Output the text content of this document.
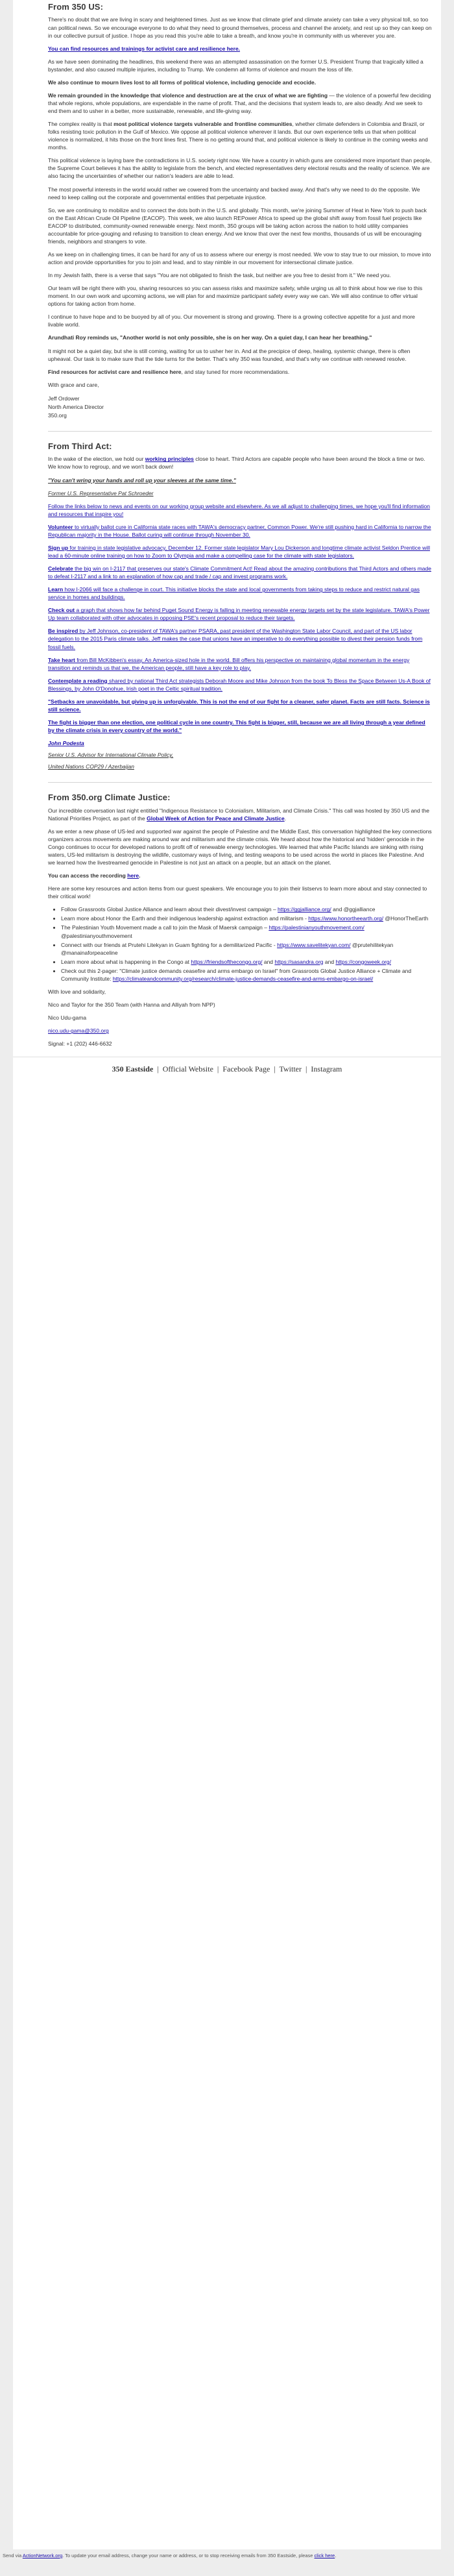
From 350 US:

There's no doubt that we are living in scary and heightened times. Just as we know that climate grief and climate anxiety can take a very physical toll, so too can political news. So we encourage everyone to do what they need to ground themselves, process and channel the anxiety, and rest up so they can keep on in our collective pursuit of justice. I hope as you read this you're able to take a breath, and know you're in community with us wherever you are.

You can find resources and trainings for activist care and resilience here.

As we have seen dominating the headlines, this weekend there was an attempted assassination on the former U.S. President Trump that tragically killed a bystander, and also caused multiple injuries, including to Trump. We condemn all forms of violence and mourn the loss of life.

We also continue to mourn lives lost to all forms of political violence, including genocide and ecocide.

We remain grounded in the knowledge that violence and destruction are at the crux of what we are fighting — the violence of a powerful few deciding that whole regions, whole populations, are expendable in the name of profit. That, and the decisions that system leads to, are also deadly. And we seek to end them and to usher in a better, more sustainable, renewable, and life-giving way.

The complex reality is that most political violence targets vulnerable and frontline communities, whether climate defenders in Colombia and Brazil, or folks resisting toxic pollution in the Gulf of Mexico. We oppose all political violence wherever it lands. But our own experience tells us that when political violence is normalized, it hits those on the front lines first. There is no getting around that, and political violence is likely to continue in the coming weeks and months.

This political violence is laying bare the contradictions in U.S. society right now. We have a country in which guns are considered more important than people, the Supreme Court believes it has the ability to legislate from the bench, and elected representatives deny electoral results and the reality of science. We are also facing the uncertainties of whether our nation's leaders are able to lead.

The most powerful interests in the world would rather we cowered from the uncertainty and backed away. And that's why we need to do the opposite. We need to keep calling out the corporate and governmental entities that perpetuate injustice.

So, we are continuing to mobilize and to connect the dots both in the U.S. and globally. This month, we're joining Summer of Heat in New York to push back on the East African Crude Oil Pipeline (EACOP). This week, we also launch REPower Africa to speed up the global shift away from fossil fuel projects like EACOP to distributed, community-owned renewable energy. Next month, 350 groups will be taking action across the nation to hold utility companies accountable for price-gouging and refusing to transition to clean energy. And we know that over the next few months, thousands of us will be encouraging friends, neighbors and strangers to vote.

As we keep on in challenging times, it can be hard for any of us to assess where our energy is most needed. We vow to stay true to our mission, to move into action and provide opportunities for you to join and lead, and to stay nimble in our movement for intersectional climate justice.

In my Jewish faith, there is a verse that says "You are not obligated to finish the task, but neither are you free to desist from it." We need you.

Our team will be right there with you, sharing resources so you can assess risks and maximize safety, while urging us all to think about how we rise to this moment. In our own work and upcoming actions, we will plan for and maximize participant safety every way we can. We will also continue to offer virtual options for taking action from home.

I continue to have hope and to be buoyed by all of you. Our movement is strong and growing. There is a growing collective appetite for a just and more livable world.

Arundhati Roy reminds us, "Another world is not only possible, she is on her way. On a quiet day, I can hear her breathing."

It might not be a quiet day, but she is still coming, waiting for us to usher her in. And at the precipice of deep, healing, systemic change, there is often upheaval. Our task is to make sure that the tide turns for the better. That's why 350 was founded, and that's why we continue with renewed resolve.

Find resources for activist care and resilience here, and stay tuned for more recommendations.

With grace and care,

Jeff Ordower

North America Director

350.org

From Third Act:

In the wake of the election, we hold our working principles close to heart. Third Actors are capable people who have been around the block a time or two. We know how to regroup, and we won't back down!

"You can't wring your hands and roll up your sleeves at the same time."

Former U.S. Representative Pat Schroeder

Follow the links below to news and events on our working group website and elsewhere. As we all adjust to challenging times, we hope you'll find information and resources that inspire you!

Volunteer to virtually ballot cure in California state races with TAWA's democracy partner, Common Power. We're still pushing hard in California to narrow the Republican majority in the House. Ballot curing will continue through November 30.

Sign up for training in state legislative advocacy, December 12. Former state legislator Mary Lou Dickerson and longtime climate activist Seldon Prentice will lead a 60-minute online training on how to Zoom to Olympia and make a compelling case for the climate with state legislators.

Celebrate the big win on I-2117 that preserves our state's Climate Commitment Act! Read about the amazing contributions that Third Actors and others made to defeat I-2117 and a link to an explanation of how cap and trade / cap and invest programs work.

Learn how I-2066 will face a challenge in court. This initiative blocks the state and local governments from taking steps to reduce and restrict natural gas service in homes and buildings.

Check out a graph that shows how far behind Puget Sound Energy is falling in meeting renewable energy targets set by the state legislature. TAWA's Power Up team collaborated with other advocates in opposing PSE's recent proposal to reduce their targets.

Be inspired by Jeff Johnson, co-president of TAWA's partner PSARA, past president of the Washington State Labor Council, and part of the US labor delegation to the 2015 Paris climate talks. Jeff makes the case that unions have an imperative to do everything possible to divest their pension funds from fossil fuels.

Take heart from Bill McKibben's essay, An America-sized hole in the world. Bill offers his perspective on maintaining global momentum in the energy transition and reminds us that we, the American people, still have a key role to play.

Contemplate a reading shared by national Third Act strategists Deborah Moore and Mike Johnson from the book To Bless the Space Between Us-A Book of Blessings, by John O'Donohue, Irish poet in the Celtic spiritual tradition.

"Setbacks are unavoidable, but giving up is unforgivable. This is not the end of our fight for a cleaner, safer planet. Facts are still facts. Science is still science.

The fight is bigger than one election, one political cycle in one country. This fight is bigger, still, because we are all living through a year defined by the climate crisis in every country of the world."

John Podesta

Senior U.S. Advisor for International Climate Policy,

United Nations COP29 / Azerbaijan

From 350.org Climate Justice:

Our incredible conversation last night entitled "Indigenous Resistance to Colonialism, Militarism, and Climate Crisis." This call was hosted by 350 US and the National Priorities Project, as part of the Global Week of Action for Peace and Climate Justice.

As we enter a new phase of US-led and supported war against the people of Palestine and the Middle East, this conversation highlighted the key connections organizers across movements are making around war and militarism and the climate crisis. We heard about how the historical and 'hidden' genocide in the Congo continues to occur for developed nations to profit off of renewable energy technologies. We learned that while Pacific Islands are sinking with rising waters, US-led militarism is destroying the wildlife, customary ways of living, and testing weapons to be used across the world in places like Palestine. And we learned how the livestreamed genocide in Palestine is not just an attack on a people, but an attack on the planet.

You can access the recording here.

Here are some key resources and action items from our guest speakers. We encourage you to join their listservs to learn more about and stay connected to their critical work!

• Follow Grassroots Global Justice Alliance and learn about their divest/invest campaign – https://ggjalliance.org/ and @ggjalliance
• Learn more about Honor the Earth and their indigenous leadership against extraction and militarism - https://www.honortheearth.org/ @HonorTheEarth
• The Palestinian Youth Movement made a call to join the Mask of Maersk campaign – https://palestinianyouthmovement.com/ @palestinianyouthmovement
• Connect with our friends at Prutehi Litekyan in Guam fighting for a demilitarized Pacific - https://www.savelitekyan.com/ @prutehilitekyan @manainaforpeaceline
• Learn more about what is happening in the Congo at https://friendsofthecongo.org/ and https://sasandra.org and https://congoweek.org/
• Check out this 2-pager: "Climate justice demands ceasefire and arms embargo on Israel" from Grassroots Global Justice Alliance + Climate and Community Institute: https://climateandcommunity.org/research/climate-justice-demands-ceasefire-and-arms-embargo-on-israel/

With love and solidarity,

Nico and Taylor for the 350 Team (with Hanna and Alliyah from NPP)

Nico Udu-gama

nico.udu-gama@350.org

Signal: +1 (202) 446-6632

350 Eastside | Official Website | Facebook Page | Twitter | Instagram
Send via ActionNetwork.org. To update your email address, change your name or address, or to stop receiving emails from 350 Eastside, please click here.
